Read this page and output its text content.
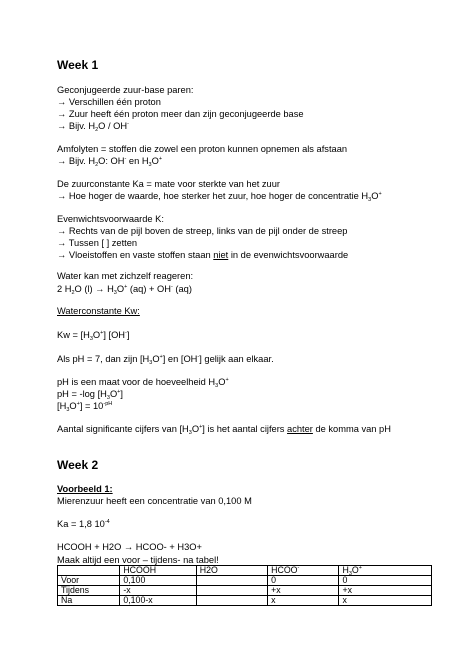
Week 1
Geconjugeerde zuur-base paren:
→ Verschillen één proton
→ Zuur heeft één proton meer dan zijn geconjugeerde base
→ Bijv. $H_2O / OH^-$
Amfolyten = stoffen die zowel een proton kunnen opnemen als afstaan
→ Bijv. $H_2O$: OH- en $H_3O^+$
De zuurconstante Ka = mate voor sterkte van het zuur
→ Hoe hoger de waarde, hoe sterker het zuur, hoe hoger de concentratie $H_3O^+$
Evenwichtsvoorwaarde K:
→ Rechts van de pijl boven de streep, links van de pijl onder de streep
→ Tussen [ ] zetten
→ Vloeistoffen en vaste stoffen staan niet in de evenwichtsvoorwaarde
Water kan met zichzelf reageren:
2 $H_2O$ $(l) \to H_3O^+$ (aq) + OH- (aq)
Waterconstante Kw:
$Kw = [H_3O^+]$ [OH-]
Als pH = 7, dan zijn $[H_3O^+]$ en [OH-] gelijk aan elkaar.
pH is een maat voor de hoeveelheid $H_3O^+$
pH = -log $[H_3O^+]$
$[H_3O^+] = 10^{-pH}$
Aantal significante cijfers van $[H_3O^+]$ is het aantal cijfers achter de komma van pH
Week 2
Voorbeeld 1:
Mierenzuur heeft een concentratie van 0,100 M
Ka = 1,8 $10^{-4}$
HCOOH + H2O → HCOO- + H3O+
Maak altijd een voor – tijdens- na tabel!
	HCOOH	H2O	HCOO-	$H_3O^+$
Voor	0,100		0	0
Tijdens	-x		+x	+x
Na	0,100-x		x	x
